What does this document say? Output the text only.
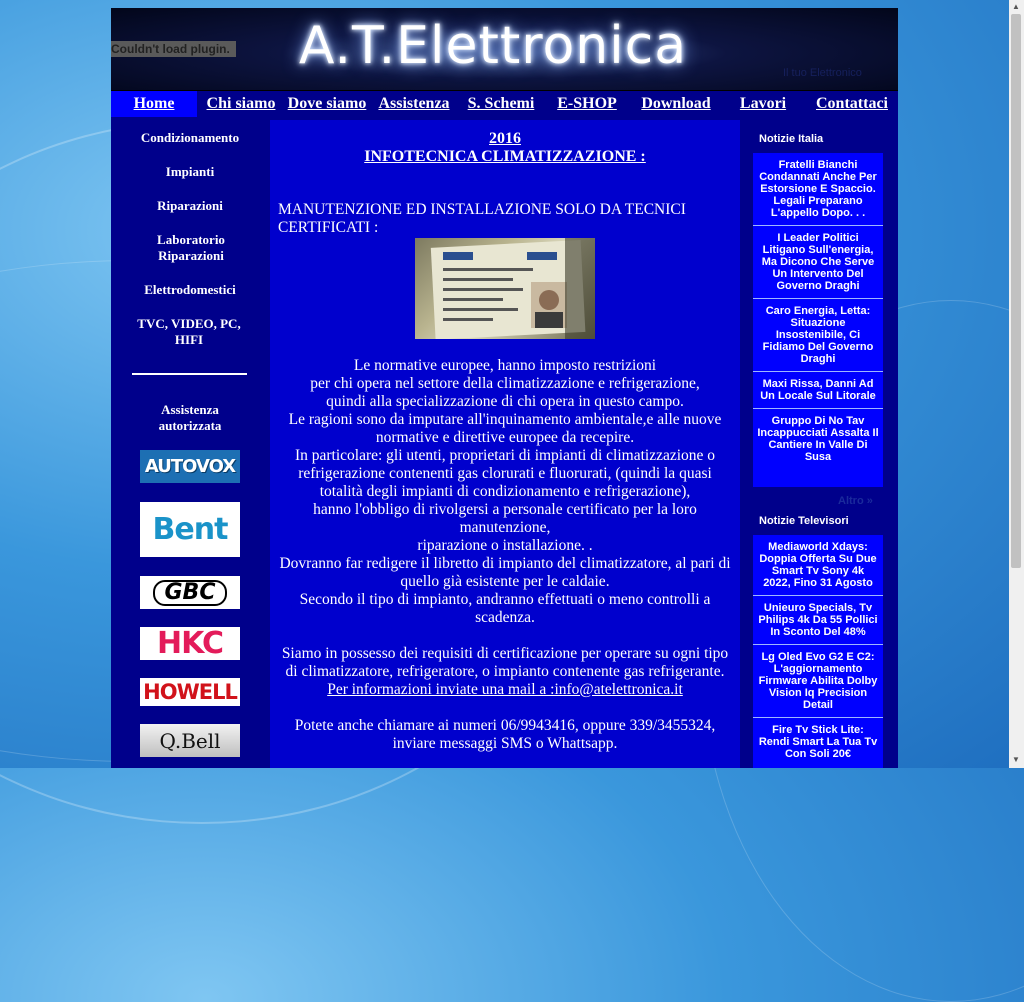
Couldn't load plugin.	A.T.Elettronica	Il tuo Elettronico
Home	Chi siamo Dove siamo Assistenza S. Schemi E-SHOP Download	Lavori	Contattaci
Condizionamento
Impianti
Riparazioni
Laboratorio Riparazioni
Elettrodomestici
TVC, VIDEO, PC, HIFI
Assistenza autorizzata
AUTOVOX
Bent
GBC
HKC
HOWELL
Q.Bell
2016
INFOTECNICA CLIMATIZZAZIONE :
MANUTENZIONE ED INSTALLAZIONE SOLO DA TECNICI CERTIFICATI :

Le normative europee, hanno imposto restrizioni

per chi opera nel settore della climatizzazione e refrigerazione,

quindi alla specializzazione di chi opera in questo campo.

Le ragioni sono da imputare all'inquinamento ambientale,e alle nuove normative e direttive europee da recepire.

In particolare: gli utenti, proprietari di impianti di climatizzazione o refrigerazione contenenti gas clorurati e fluorurati, (quindi la quasi totalità degli impianti di condizionamento e refrigerazione),

hanno l'obbligo di rivolgersi a personale certificato per la loro manutenzione,

riparazione o installazione. .

Dovranno far redigere il libretto di impianto del climatizzatore, al pari di quello già esistente per le caldaie.

Secondo il tipo di impianto, andranno effettuati o meno controlli a scadenza.

Siamo in possesso dei requisiti di certificazione per operare su ogni tipo di climatizzatore, refrigeratore, o impianto contenente gas refrigerante.

Per informazioni inviate una mail a :info@atelettronica.it

Potete anche chiamare ai numeri 06/9943416, oppure 339/3455324, inviare messaggi SMS o Whattsapp.

Notizie Italia
Fratelli Bianchi Condannati Anche Per Estorsione E Spaccio. Legali Preparano L'appello Dopo. . .
I Leader Politici Litigano Sull'energia, Ma Dicono Che Serve Un Intervento Del Governo Draghi
Caro Energia, Letta: Situazione Insostenibile, Ci Fidiamo Del Governo Draghi
Maxi Rissa, Danni Ad Un Locale Sul Litorale
Gruppo Di No Tav Incappucciati Assalta Il Cantiere In Valle Di Susa
Altro »
Notizie Televisori
Mediaworld Xdays: Doppia Offerta Su Due Smart Tv Sony 4k 2022, Fino 31 Agosto
Unieuro Specials, Tv Philips 4k Da 55 Pollici In Sconto Del 48%
Lg Oled Evo G2 E C2: L'aggiornamento Firmware Abilita Dolby Vision Iq Precision Detail
Fire Tv Stick Lite: Rendi Smart La Tua Tv Con Soli 20€
▲
▼
